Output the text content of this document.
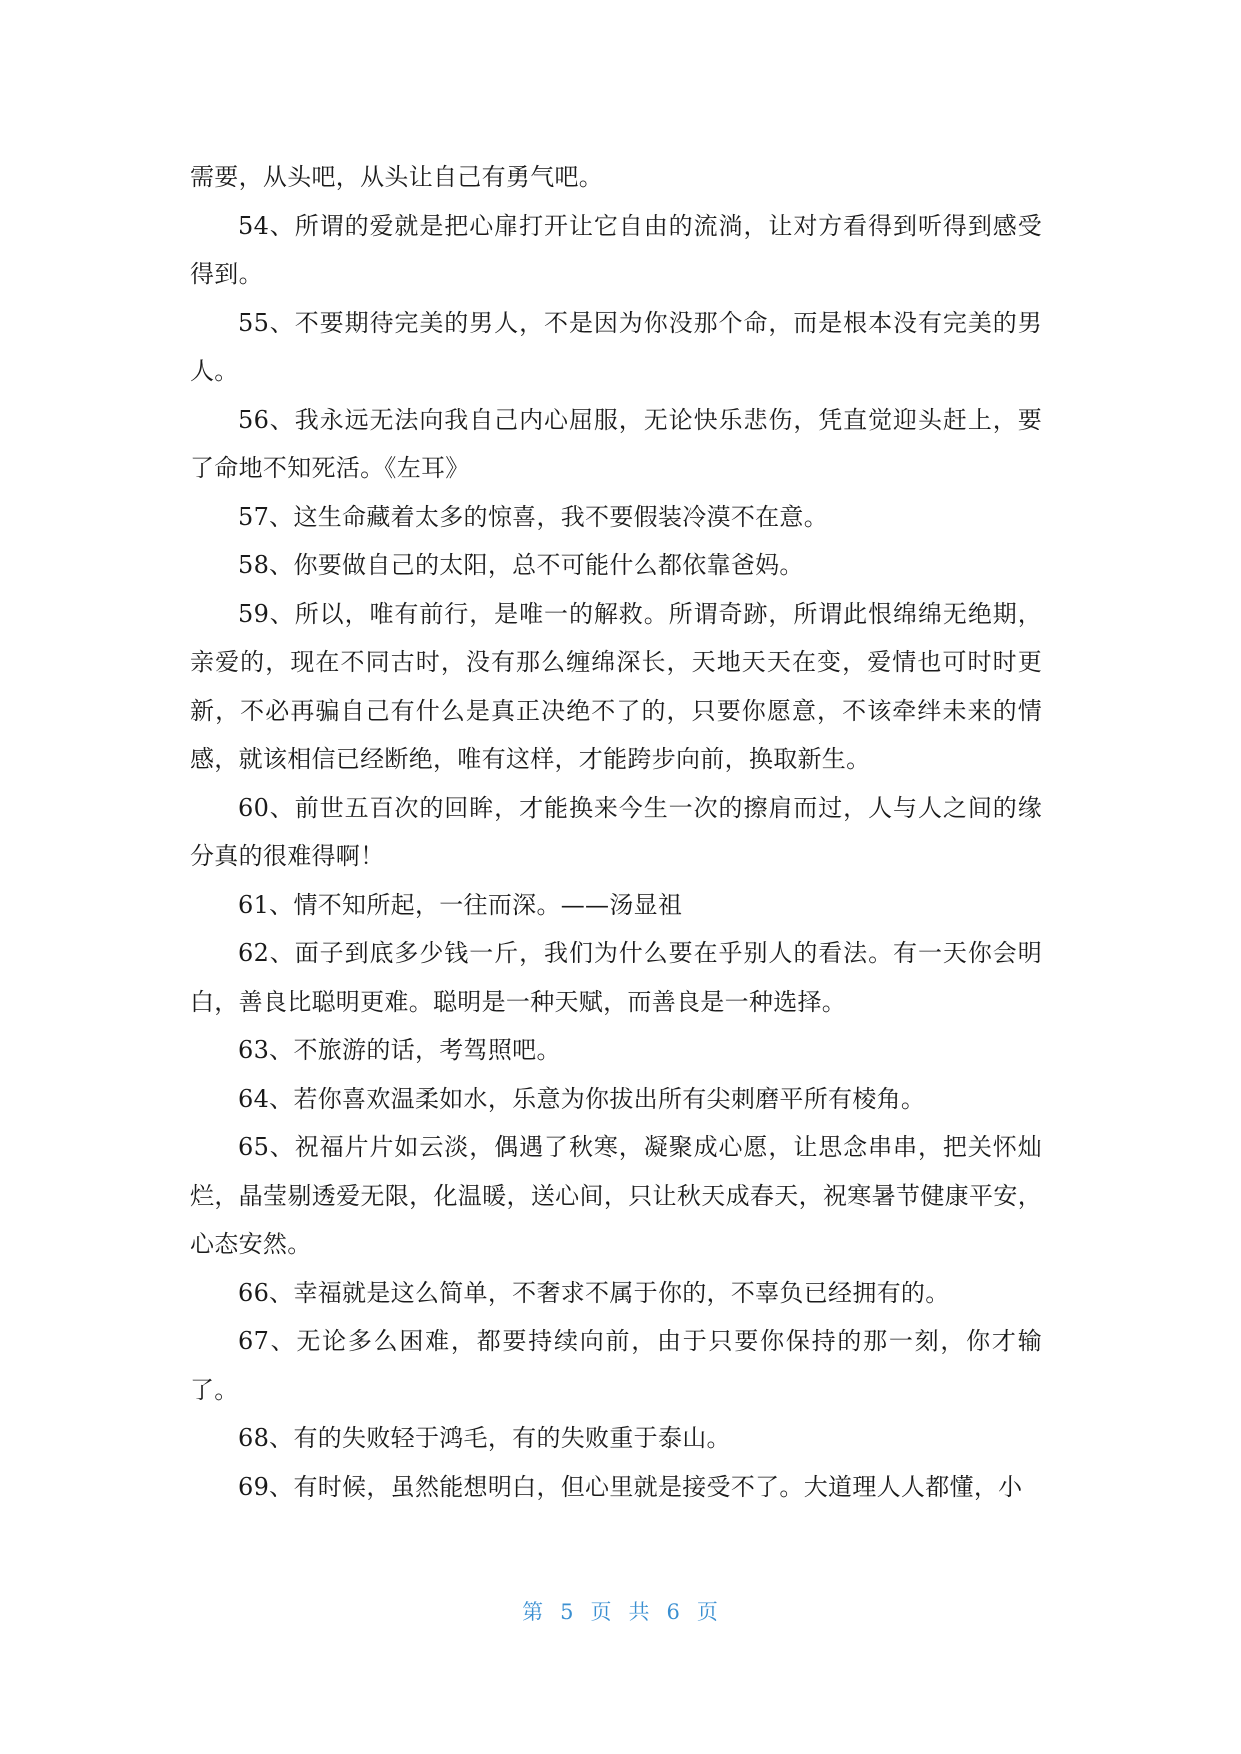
需要，从头吧，从头让自己有勇气吧。

54、所谓的爱就是把心扉打开让它自由的流淌，让对方看得到听得到感受得到。

55、不要期待完美的男人，不是因为你没那个命，而是根本没有完美的男人。

56、我永远无法向我自己内心屈服，无论快乐悲伤，凭直觉迎头赶上，要了命地不知死活。《左耳》

57、这生命藏着太多的惊喜，我不要假装冷漠不在意。

58、你要做自己的太阳，总不可能什么都依靠爸妈。

59、所以，唯有前行，是唯一的解救。所谓奇跡，所谓此恨绵绵无绝期，亲爱的，现在不同古时，没有那么缠绵深长，天地天天在变，爱情也可时时更新，不必再骗自己有什么是真正决绝不了的，只要你愿意，不该牵绊未来的情感，就该相信已经断绝，唯有这样，才能跨步向前，换取新生。

60、前世五百次的回眸，才能换来今生一次的擦肩而过，人与人之间的缘分真的很难得啊！

61、情不知所起，一往而深。——汤显祖

62、面子到底多少钱一斤，我们为什么要在乎别人的看法。有一天你会明白，善良比聪明更难。聪明是一种天赋，而善良是一种选择。

63、不旅游的话，考驾照吧。

64、若你喜欢温柔如水，乐意为你拔出所有尖刺磨平所有棱角。

65、祝福片片如云淡，偶遇了秋寒，凝聚成心愿，让思念串串，把关怀灿烂，晶莹剔透爱无限，化温暖，送心间，只让秋天成春天，祝寒暑节健康平安，心态安然。

66、幸福就是这么简单，不奢求不属于你的，不辜负已经拥有的。

67、无论多么困难，都要持续向前，由于只要你保持的那一刻，你才输了。

68、有的失败轻于鸿毛，有的失败重于泰山。

69、有时候，虽然能想明白，但心里就是接受不了。大道理人人都懂，小

第 5 页 共 6 页
